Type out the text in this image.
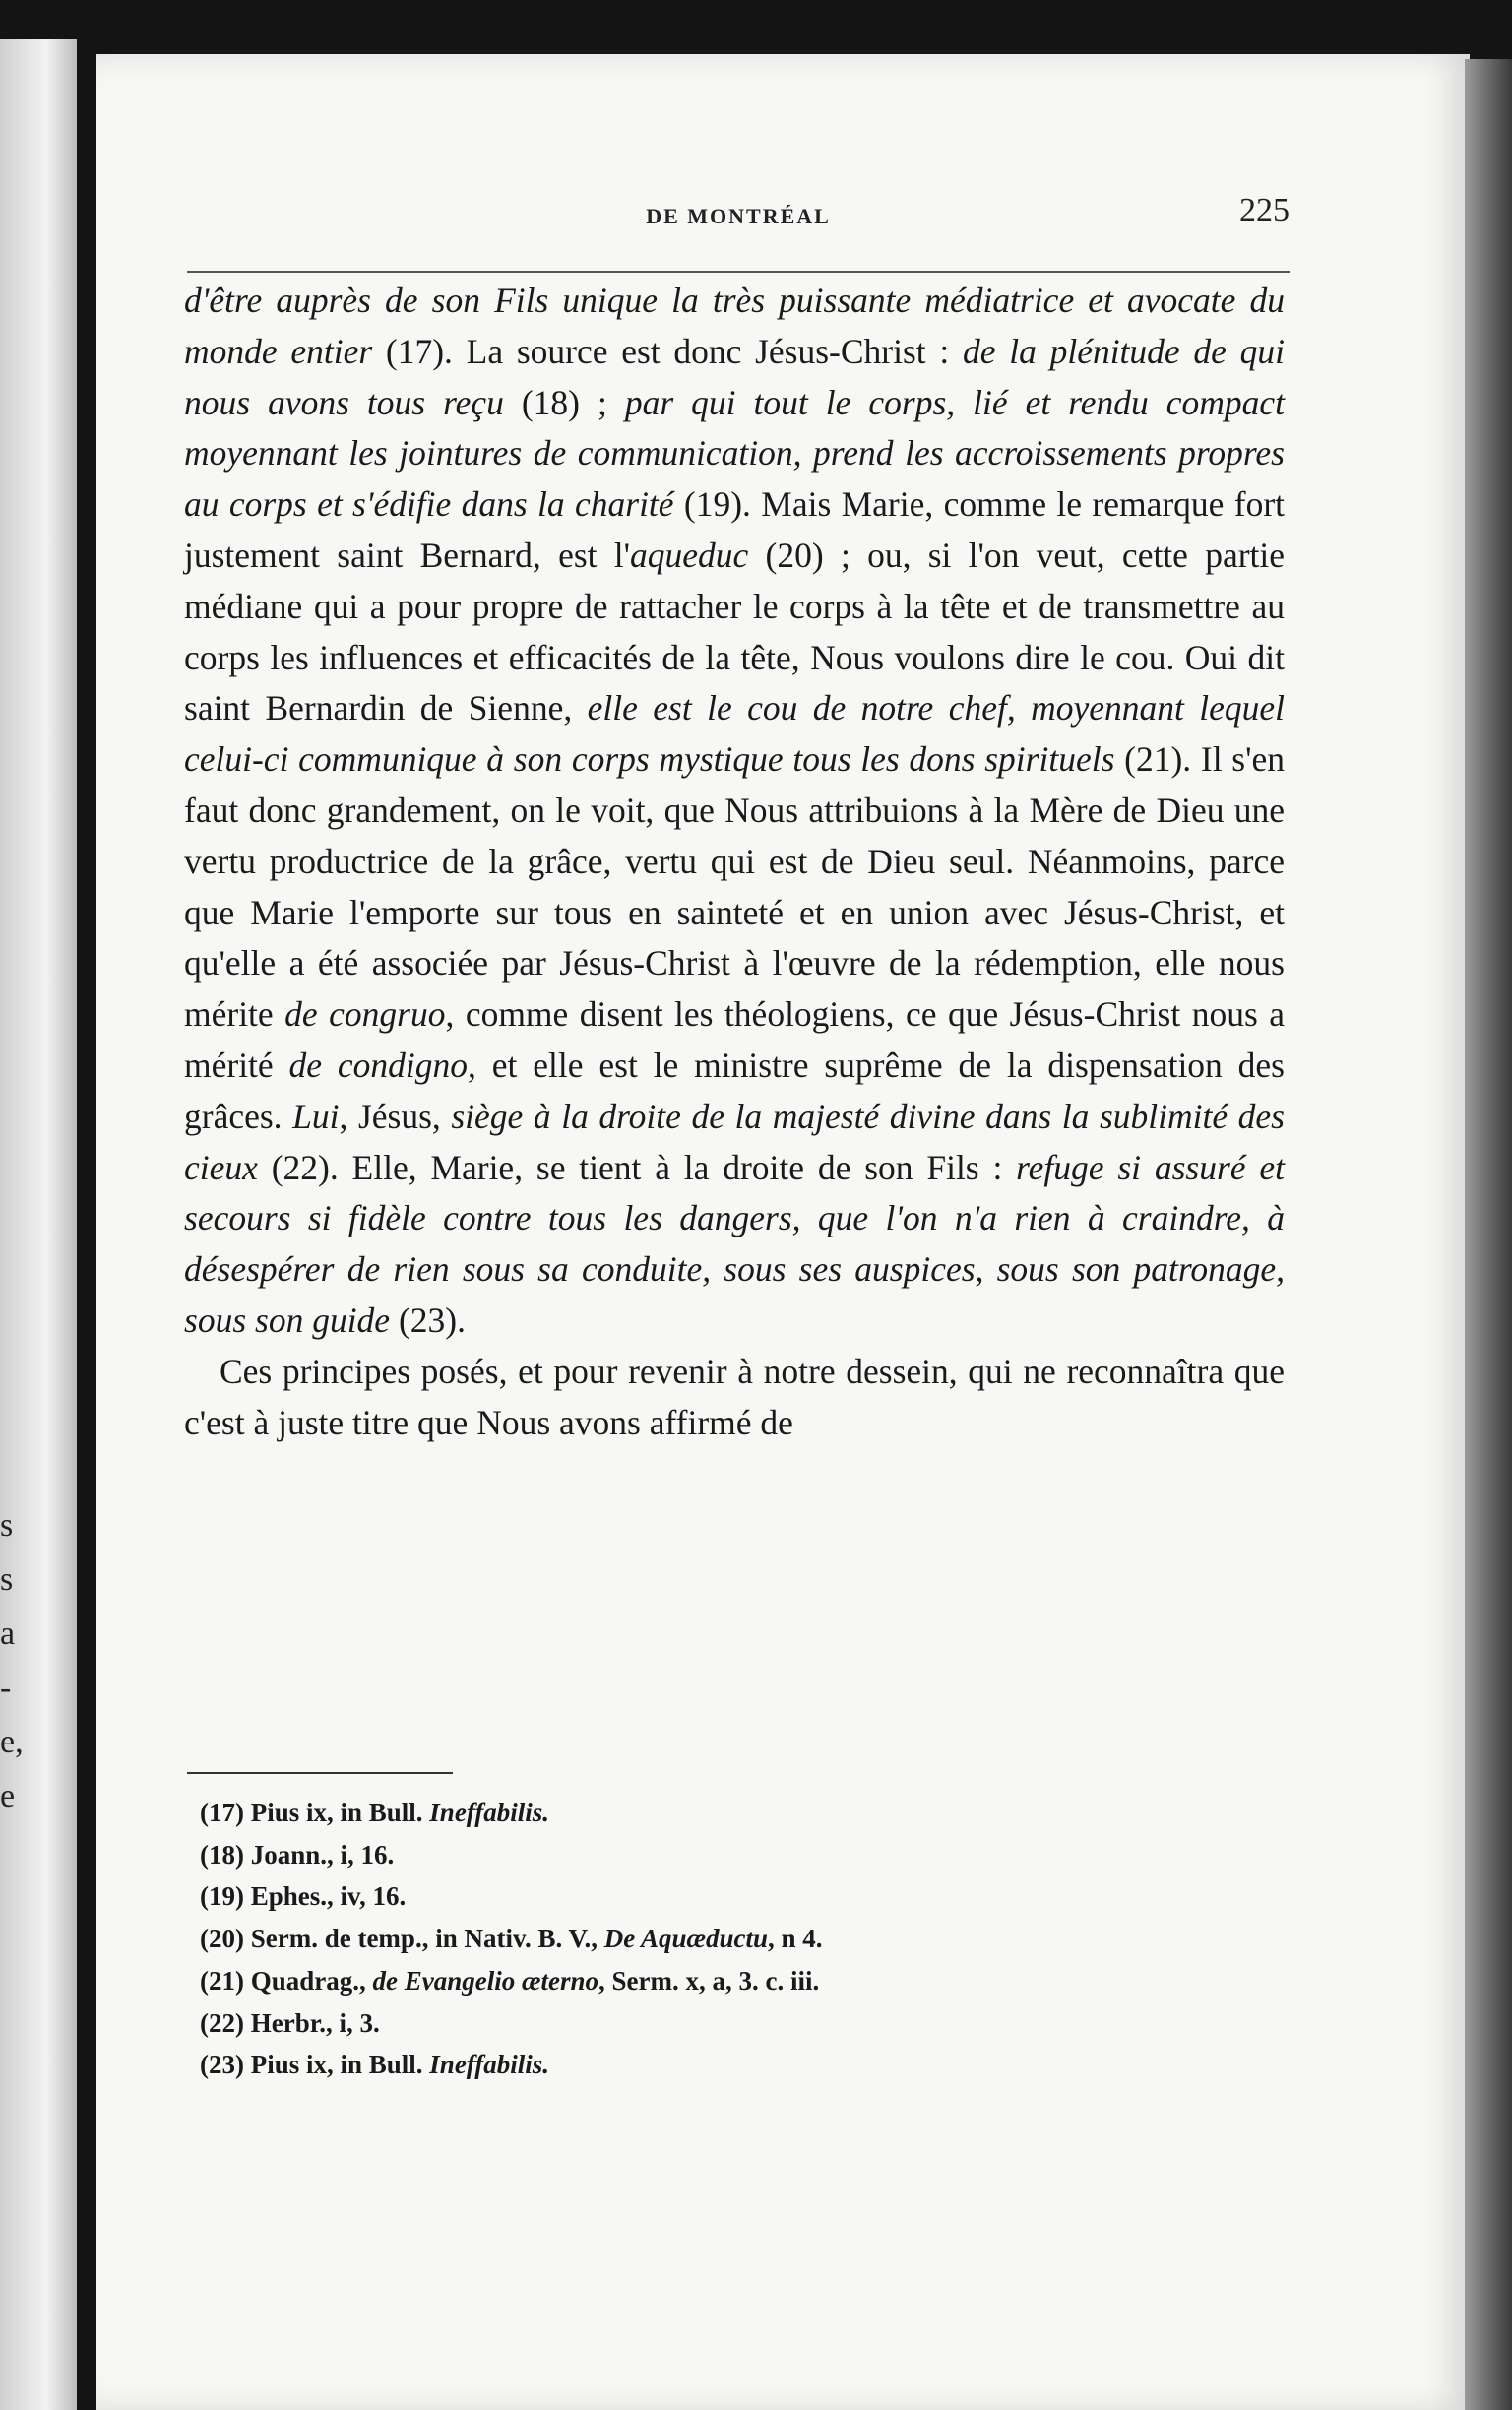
s
s
a
-
e,
e
DE MONTRÉAL	225

d'être auprès de son Fils unique la très puissante médiatrice et avocate du monde entier (17). La source est donc Jésus-Christ : de la plénitude de qui nous avons tous reçu (18) ; par qui tout le corps, lié et rendu compact moyennant les jointures de communication, prend les accroissements propres au corps et s'édifie dans la charité (19). Mais Marie, comme le remarque fort justement saint Bernard, est l'aqueduc (20) ; ou, si l'on veut, cette partie médiane qui a pour propre de rattacher le corps à la tête et de transmettre au corps les influences et efficacités de la tête, Nous voulons dire le cou. Oui dit saint Bernardin de Sienne, elle est le cou de notre chef, moyennant lequel celui-ci communique à son corps mystique tous les dons spirituels (21). Il s'en faut donc grandement, on le voit, que Nous attribuions à la Mère de Dieu une vertu productrice de la grâce, vertu qui est de Dieu seul. Néanmoins, parce que Marie l'emporte sur tous en sainteté et en union avec Jésus-Christ, et qu'elle a été associée par Jésus-Christ à l'œuvre de la rédemption, elle nous mérite de congruo, comme disent les théologiens, ce que Jésus-Christ nous a mérité de condigno, et elle est le ministre suprême de la dispensation des grâces. Lui, Jésus, siège à la droite de la majesté divine dans la sublimité des cieux (22). Elle, Marie, se tient à la droite de son Fils : refuge si assuré et secours si fidèle contre tous les dangers, que l'on n'a rien à craindre, à désespérer de rien sous sa conduite, sous ses auspices, sous son patronage, sous son guide (23).

Ces principes posés, et pour revenir à notre dessein, qui ne reconnaîtra que c'est à juste titre que Nous avons affirmé de

(17) Pius ix, in Bull. Ineffabilis.
(18) Joann., i, 16.
(19) Ephes., iv, 16.
(20) Serm. de temp., in Nativ. B. V., De Aquæductu, n 4.
(21) Quadrag., de Evangelio æterno, Serm. x, a, 3. c. iii.
(22) Herbr., i, 3.
(23) Pius ix, in Bull. Ineffabilis.
